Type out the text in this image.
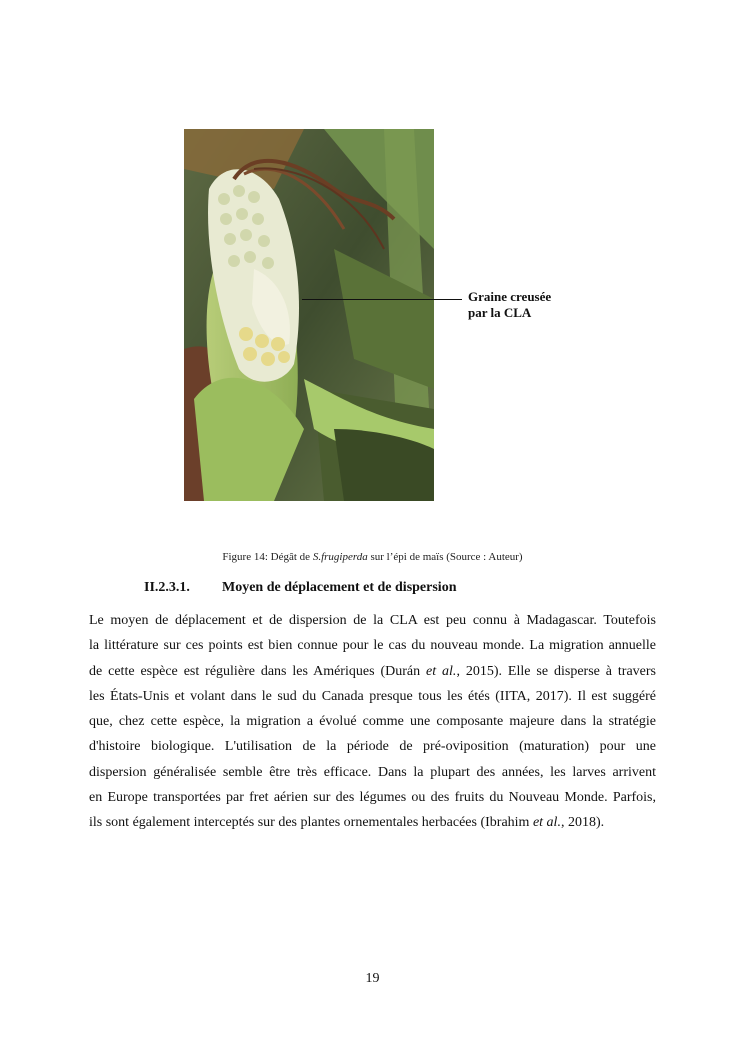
Graine creusée
par la CLA
Figure 14: Dégât de S.frugiperda sur l’épi de maïs (Source : Auteur)
II.2.3.1. Moyen de déplacement et de dispersion
Le moyen de déplacement et de dispersion de la CLA est peu connu à Madagascar. Toutefois
la littérature sur ces points est bien connue pour le cas du nouveau monde. La migration annuelle
de cette espèce est régulière dans les Amériques (Durán et al., 2015). Elle se disperse à travers
les États-Unis et volant dans le sud du Canada presque tous les étés (IITA, 2017). Il est suggéré
que, chez cette espèce, la migration a évolué comme une composante majeure dans la stratégie
d'histoire biologique. L'utilisation de la période de pré-oviposition (maturation) pour une
dispersion généralisée semble être très efficace. Dans la plupart des années, les larves arrivent
en Europe transportées par fret aérien sur des légumes ou des fruits du Nouveau Monde. Parfois,
ils sont également interceptés sur des plantes ornementales herbacées (Ibrahim et al., 2018).
19
